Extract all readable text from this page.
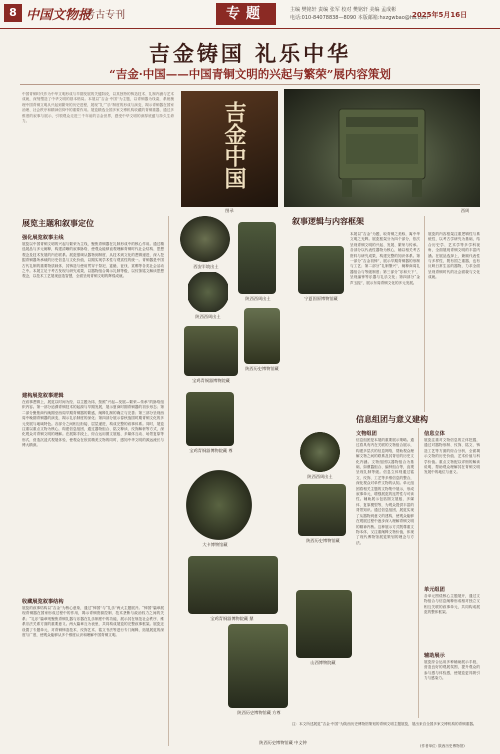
8 中国文物报
·考古专刊	专题	主编 樊铭轩 责编 张军 校对 樊铭轩 美编 孟成彬
电话:010-84078838—8090 本版邮箱:hxzgwbao@ha.com
2025年5月16日
吉金铸国 礼乐中华
“吉金·中国——中国青铜文明的兴起与繁荣”展内容策划
中国青铜时代作为中华文明形成与早期发展的关键阶段，以其独特的铸造技术、礼制内涵与艺术成就，深刻塑造了中华文明的基本格局。本展以“吉金·中国”为主题，以青铜器为线索，系统梳理中国青铜文明从兴起到繁荣的历史进程，展现“礼”“乐”制度的形成与演变，揭示青铜器在国家治理、社会秩序和精神信仰中的重要作用。展览精选全国多家文博机构收藏的青铜重器，通过多维度的叙事与展示，引领观众走进三千年前的吉金世界，感受中华文明的深厚底蕴与持久生命力。	吉金中国
图录	西周
展览主题和叙事定位
强化展览叙事主线
展览以中国青铜文明的兴起与繁荣为主线，聚焦青铜器在礼制形成中的核心作用。通过精选展品与多元阐释，构建清晰的叙事脉络，使观众能够直观理解青铜时代社会结构、思想观念及技术发展的内在联系。展览强调从器物到制度、从技术到文化的逻辑递进，深入挖掘青铜器所承载的历史信息与文化价值，以期实现学术性与观赏性的统一。青铜器是中国古代礼制的重要物质载体，其铸造与使用贯穿于祭祀、宴飨、征伐、赏赐等各类社会活动之中。本展立足于考古发现与研究成果，以器物组合揭示礼制等级，以纹饰铭文解读思想观念，以技术工艺展现创造智慧，全面呈现青铜文明的辉煌成就。
建构展览叙事逻辑
在叙事逻辑上，展览以时间为经、以主题为纬，按照“兴起—发展—繁荣—传承”的脉络组织内容。第一部分追溯青铜技术的起源与早期发展，展示夏商时期青铜器的初步形态；第二部分聚焦商代晚期至西周早期青铜器的繁盛，阐释礼制的确立与完善；第三部分呈现西周中晚期青铜器的演变，揭示礼乐制度的深化；第四部分展示春秋战国时期青铜文化的多元发展与地域特色。各部分之间相互衔接、层层递进，构成完整的叙事体系。同时，展览注重以重点文物为核心，构建信息组团，通过器物组合、铭文释读、纹饰解析等方式，深化观众对青铜文明的理解。在展陈手段上，综合运用图文展板、多媒体互动、场景复原等形式，营造沉浸式观展体验，使观众在欣赏精美文物的同时，感知中华文明的源远流长与博大精深。
收藏展览叙事结构
展览的叙事结构以“吉金”为核心意象，通过“铸国”与“礼乐”两大主题展开。“铸国”篇章展现青铜器在国家形成过程中的作用，揭示青铜资源控制、技术垄断与政治权力之间的关系；“礼乐”篇章则聚焦青铜礼器与乐器在礼乐制度中的功能，展示其在规范社会秩序、维系宗法关系方面的重要意义。两大篇章互为表里，共同构成展览的完整叙事框架。展览还设置了专题单元，对青铜铸造技术、纹饰艺术、铭文书法等进行专门阐释，拓展展览的深度与广度，使观众能够从多个维度认识和理解中国青铜文明。
西安半坡出土
陕西西周出土
陕西西周出土
宝鸡青铜器博物院藏
陕西历史博物馆藏
宝鸡青铜器博物院藏 尊
大卡博物馆藏
宝鸡青铜器博物院藏 鼎
陕西历史博物馆藏 方尊
宁夏固原博物馆藏
陕西西周出土
陕西历史博物馆藏
山西博物院藏
陕西历史博物馆藏 中义钟
叙事逻辑与内容框架
本展以“吉金”为题，取青铜之美称，寓中华文明之光辉。展览框架分为四个部分，依次呈现青铜文明的兴起、发展、繁荣与传承。各部分以代表性器物为核心，辅以相关考古资料与研究成果，构建完整的知识体系。第一部分“吉金初铸”，展示早期青铜器的形制与工艺；第二部分“礼制肇兴”，阐释商周礼器组合与等级制度；第三部分“乐和天下”，呈现编钟等乐器与礼乐文化；第四部分“金声玉振”，展示东周青铜文化的多元发展。
展览的内容框架注重逻辑性与系统性，以考古学研究为基础，结合历史学、艺术学等多学科视角，全面展现青铜文明的丰富内涵。在展品选择上，兼顾代表性与多样性，既有国之重器，也有反映日常生活的器物，力求全面呈现青铜时代的社会面貌与文化成就。
信息组团与意义建构
文物组团
信息组团是本展的重要展示策略。通过将具有内在关联的文物组合展示，构建多层次的信息网络，帮助观众理解文物之间的联系及其背后的历史文化内涵。文物组团以器物组合为基础，如鼎簋组合、编钟组合等，直观呈现礼制等级。信息立体则通过铭文、纹饰、工艺等多维信息的整合，深化观众对单件文物的认知。单元组团将相关主题的文物集中展示，形成叙事单元，增强展览的连贯性与可读性。辅助展示包括图文展板、多媒体、复原模型等，为观众提供丰富的背景知识。通过信息组团，展览实现了从器物到意义的建构，使观众能够在观展过程中逐步深入理解青铜文明的精神内核。这种展示方式既尊重文物本体，又注重阐释文物价值，体现了现代博物馆展览策划的理念与方法。
信息立体
展览注重对文物信息的立体挖掘，通过对器物形制、纹饰、铭文、铸造工艺等方面的综合分析，全面揭示文物的历史价值、艺术价值与科学价值。重点文物配以详细的解读说明，帮助观众理解其在青铜文明发展中的地位与意义。
单元组团
各单元围绕核心主题展开，通过文物组合与信息阐释形成相对独立又相互关联的叙事单元，共同构成展览的整体框架。
辅助展示
展览综合运用多种辅助展示手段，营造良好的观展氛围，提升观众的参与感与体验感，使展览更具吸引力与感染力。
注：本文所述展览“吉金·中国”为陕西历史博物馆策划的青铜文明主题展览，展出来自全国多家文博机构的青铜重器。
(作者单位: 陕西历史博物馆)
